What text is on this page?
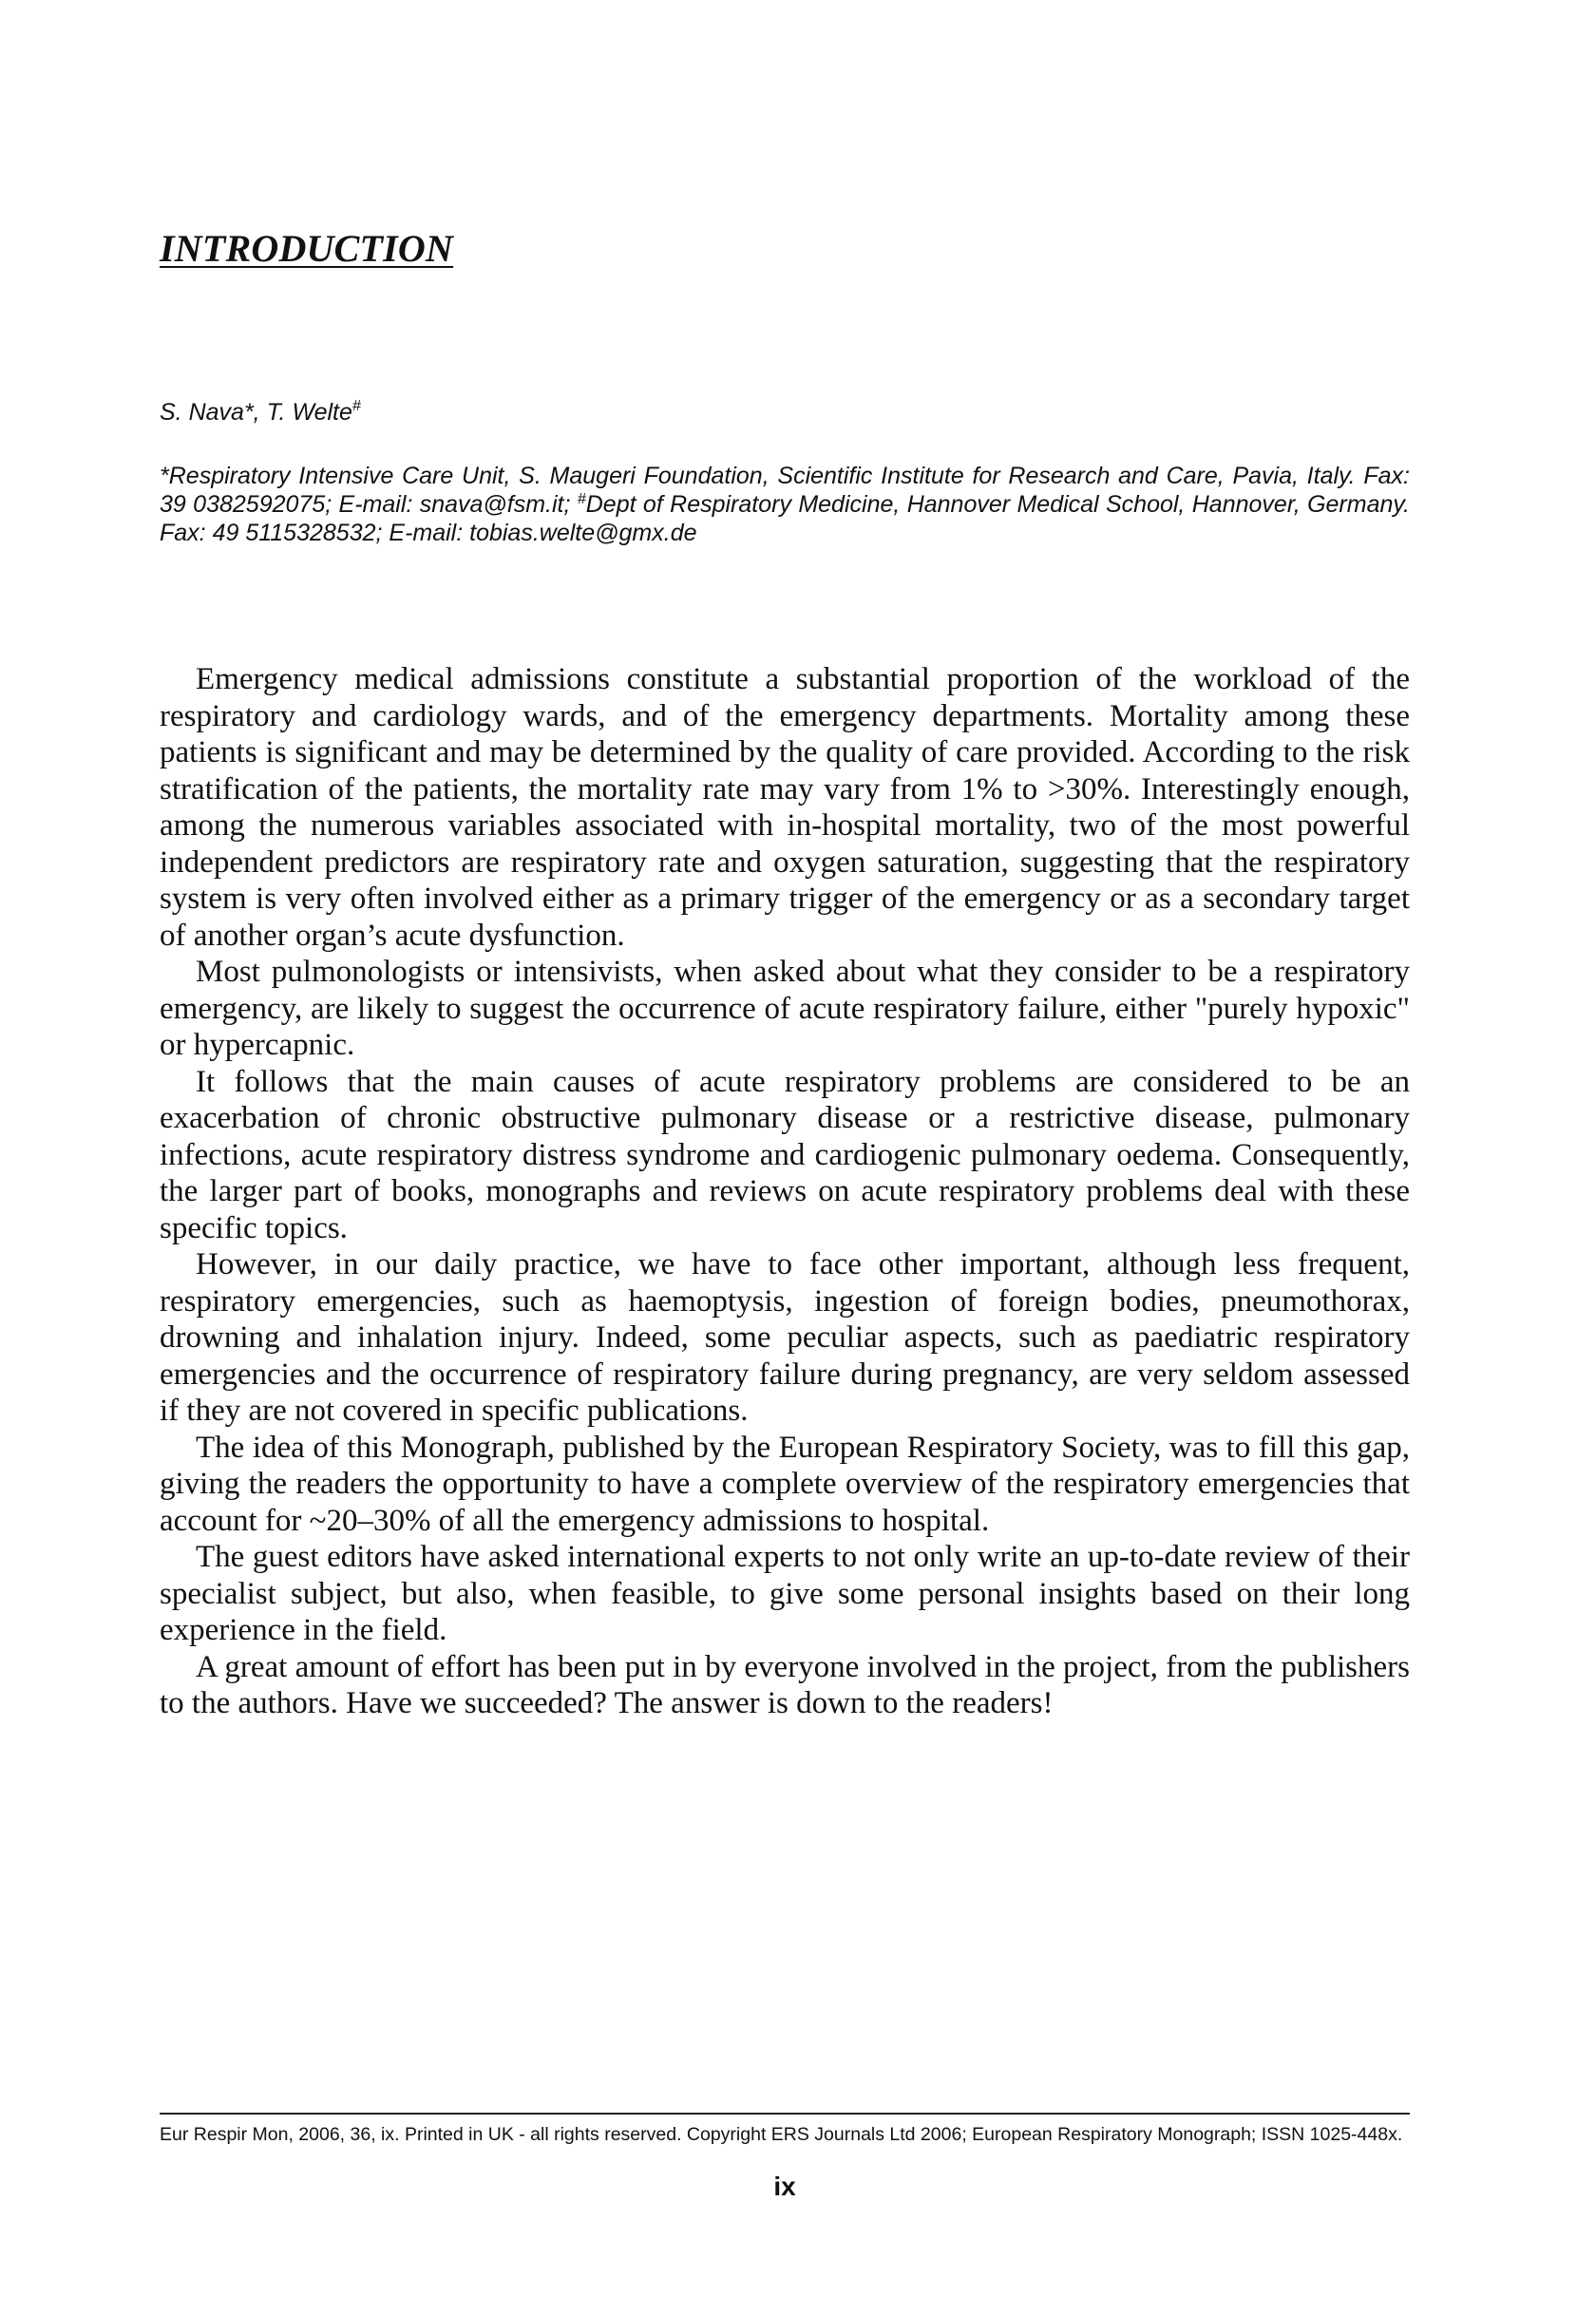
INTRODUCTION

S. Nava*, T. Welte#

*Respiratory Intensive Care Unit, S. Maugeri Foundation, Scientific Institute for Research and Care, Pavia, Italy. Fax: 39 0382592075; E-mail: snava@fsm.it; #Dept of Respiratory Medicine, Hannover Medical School, Hannover, Germany. Fax: 49 5115328532; E-mail: tobias.welte@gmx.de

Emergency medical admissions constitute a substantial proportion of the workload of the respiratory and cardiology wards, and of the emergency departments. Mortality among these patients is significant and may be determined by the quality of care provided. According to the risk stratification of the patients, the mortality rate may vary from 1% to >30%. Interestingly enough, among the numerous variables associated with in-hospital mortality, two of the most powerful independent predictors are respiratory rate and oxygen saturation, suggesting that the respiratory system is very often involved either as a primary trigger of the emergency or as a secondary target of another organ’s acute dysfunction.

Most pulmonologists or intensivists, when asked about what they consider to be a respiratory emergency, are likely to suggest the occurrence of acute respiratory failure, either "purely hypoxic" or hypercapnic.

It follows that the main causes of acute respiratory problems are considered to be an exacerbation of chronic obstructive pulmonary disease or a restrictive disease, pulmonary infections, acute respiratory distress syndrome and cardiogenic pulmonary oedema. Consequently, the larger part of books, monographs and reviews on acute respiratory problems deal with these specific topics.

However, in our daily practice, we have to face other important, although less frequent, respiratory emergencies, such as haemoptysis, ingestion of foreign bodies, pneumothorax, drowning and inhalation injury. Indeed, some peculiar aspects, such as paediatric respiratory emergencies and the occurrence of respiratory failure during pregnancy, are very seldom assessed if they are not covered in specific publications.

The idea of this Monograph, published by the European Respiratory Society, was to fill this gap, giving the readers the opportunity to have a complete overview of the respiratory emergencies that account for ~20–30% of all the emergency admissions to hospital.

The guest editors have asked international experts to not only write an up-to-date review of their specialist subject, but also, when feasible, to give some personal insights based on their long experience in the field.

A great amount of effort has been put in by everyone involved in the project, from the publishers to the authors. Have we succeeded? The answer is down to the readers!

Eur Respir Mon, 2006, 36, ix. Printed in UK - all rights reserved. Copyright ERS Journals Ltd 2006; European Respiratory Monograph; ISSN 1025-448x.

ix
